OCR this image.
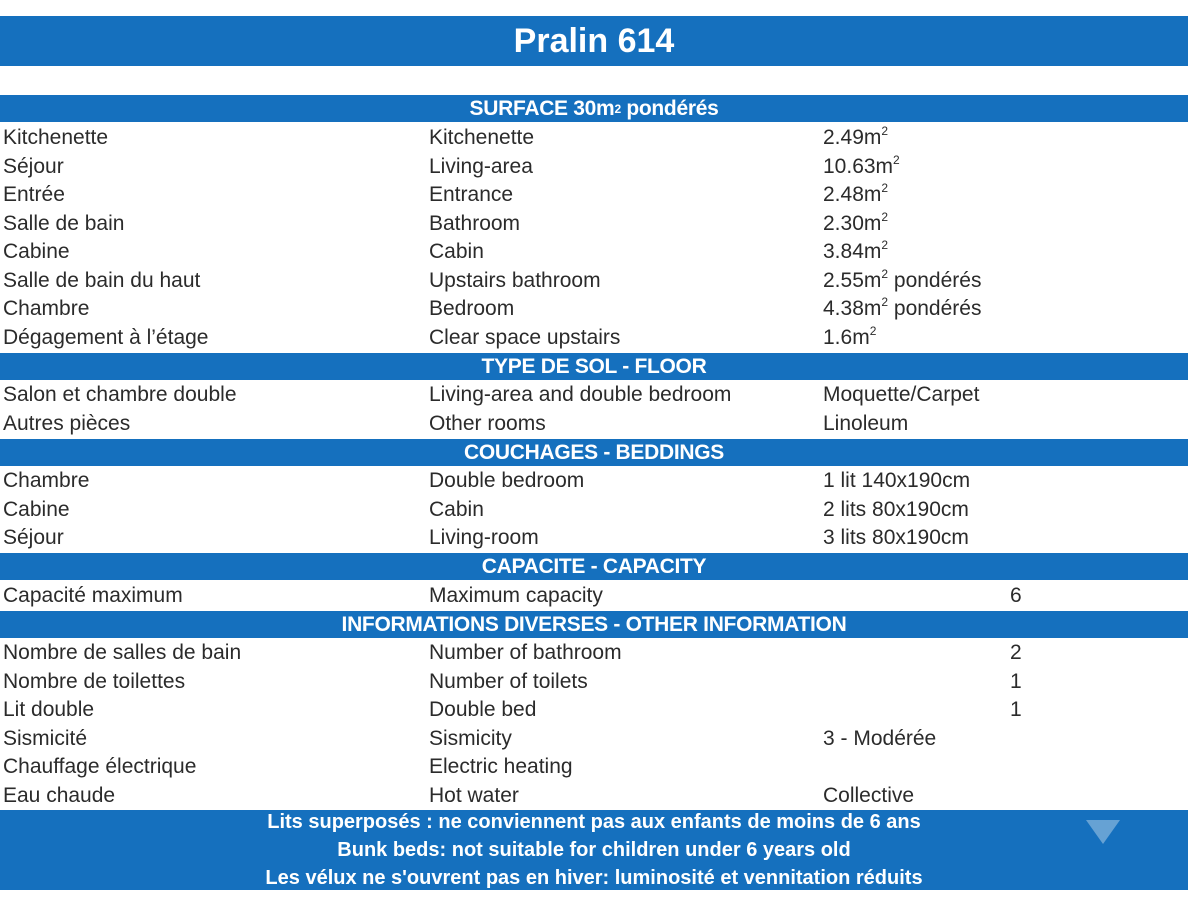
Pralin 614
SURFACE 30m 2 pondérés
Kitchenette	Kitchenette	$2.49m^2$
Séjour	Living-area	$10.63m^2$
Entrée	Entrance	$2.48m^2$
Salle de bain	Bathroom	$2.30m^2$
Cabine	Cabin	$3.84m^2$
Salle de bain du haut	Upstairs bathroom	$2.55m^2$ pondérés
Chambre	Bedroom	$4.38m^2$ pondérés
Dégagement à l’étage	Clear space upstairs	$1.6m^2$
TYPE DE SOL - FLOOR
Salon et chambre double	Living-area and double bedroom	Moquette/Carpet
Autres pièces	Other rooms	Linoleum
COUCHAGES - BEDDINGS
Chambre	Double bedroom	1 lit 140x190cm
Cabine	Cabin	2 lits 80x190cm
Séjour	Living-room	3 lits 80x190cm
CAPACITE - CAPACITY
Capacité maximum	Maximum capacity	6
INFORMATIONS DIVERSES - OTHER INFORMATION
Nombre de salles de bain	Number of bathroom	2
Nombre de toilettes	Number of toilets	1
Lit double	Double bed	1
Sismicité	Sismicity	3 - Modérée
Chauffage électrique	Electric heating
Eau chaude	Hot water	Collective
Lits superposés : ne conviennent pas aux enfants de moins de 6 ans
Bunk beds: not suitable for children under 6 years old
Les vélux ne s'ouvrent pas en hiver: luminosité et vennitation réduits
